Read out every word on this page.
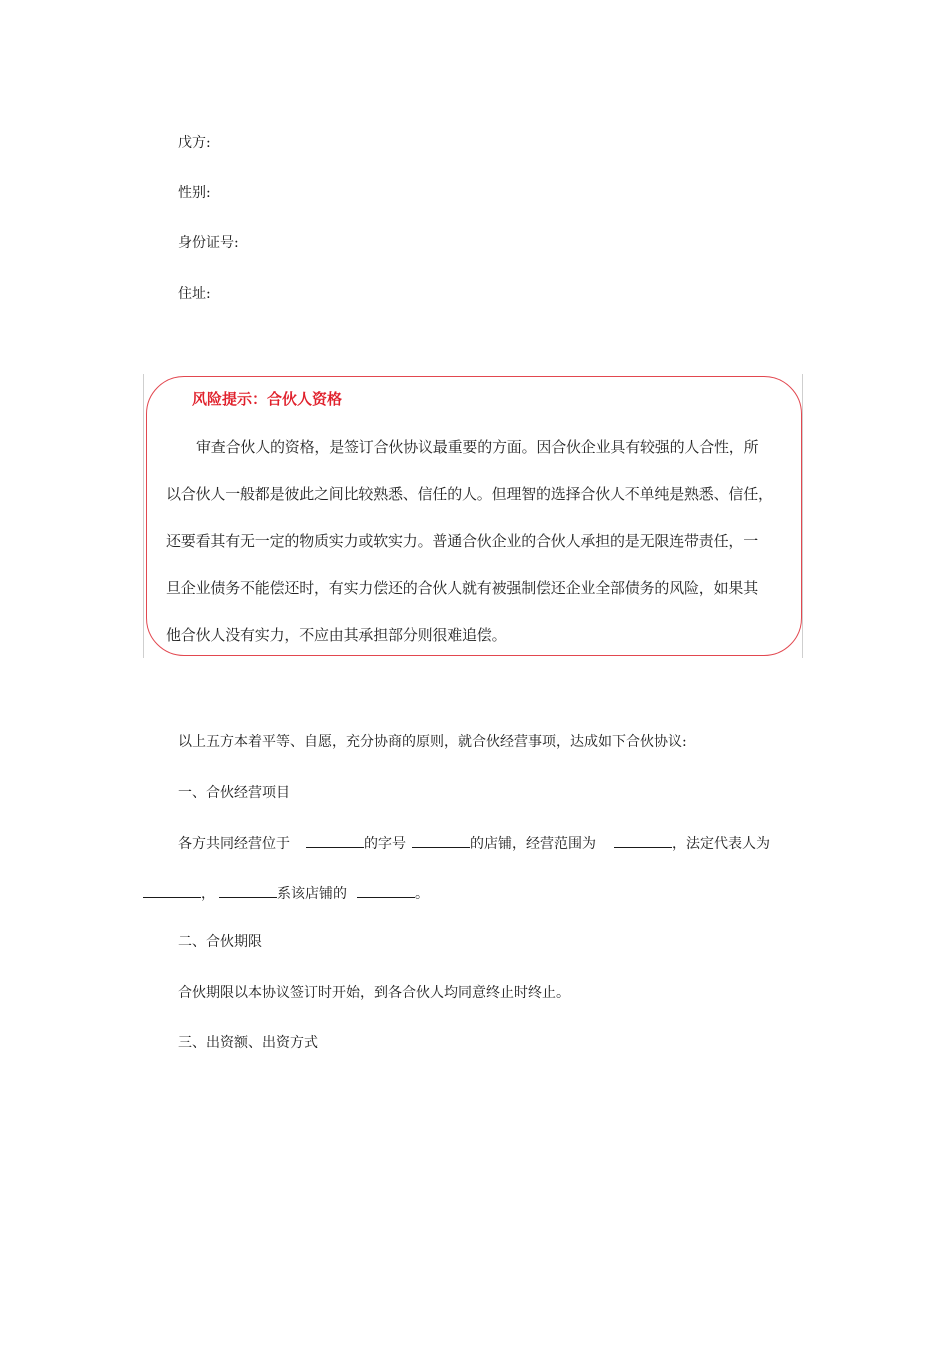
戊方:
性别:
身份证号:
住址:
风险提示：合伙人资格
审查合伙人的资格，是签订合伙协议最重要的方面。因合伙企业具有较强的人合性，所
以合伙人一般都是彼此之间比较熟悉、信任的人。但理智的选择合伙人不单纯是熟悉、信任，
还要看其有无一定的物质实力或软实力。普通合伙企业的合伙人承担的是无限连带责任，一
旦企业债务不能偿还时，有实力偿还的合伙人就有被强制偿还企业全部债务的风险，如果其
他合伙人没有实力，不应由其承担部分则很难追偿。
以上五方本着平等、自愿，充分协商的原则，就合伙经营事项，达成如下合伙协议:
一、合伙经营项目
各方共同经营位于	的字号	的店铺，经营范围为	，法定代表人为
，	系该店铺的	。
二、合伙期限
合伙期限以本协议签订时开始，到各合伙人均同意终止时终止。
三、出资额、出资方式
